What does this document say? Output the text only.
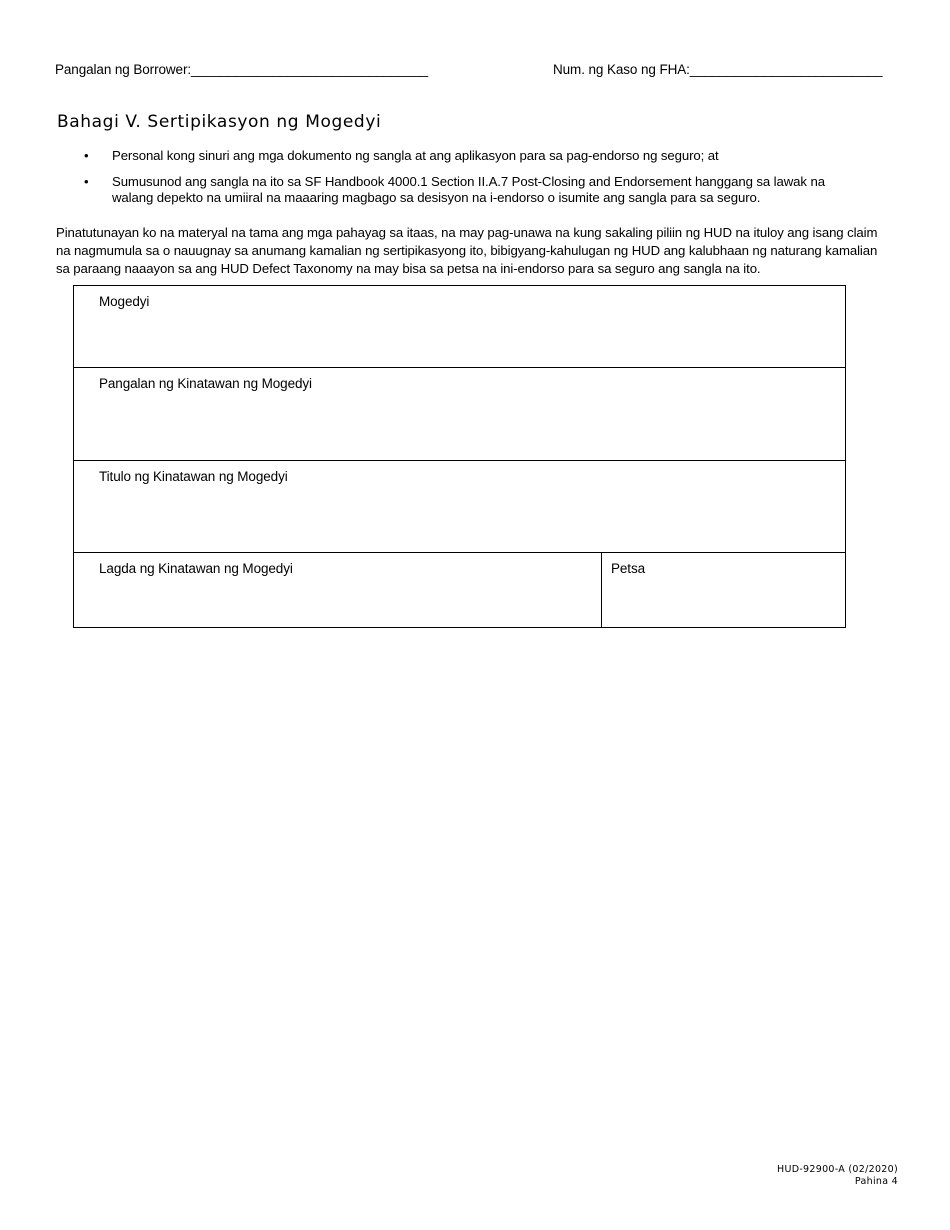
Pangalan ng Borrower:________________________________	Num. ng Kaso ng FHA:__________________________
Bahagi V. Sertipikasyon ng Mogedyi
• Personal kong sinuri ang mga dokumento ng sangla at ang aplikasyon para sa pag-endorso ng seguro; at
• Sumusunod ang sangla na ito sa SF Handbook 4000.1 Section II.A.7 Post-Closing and Endorsement hanggang sa lawak na walang depekto na umiiral na maaaring magbago sa desisyon na i-endorso o isumite ang sangla para sa seguro.
Pinatutunayan ko na materyal na tama ang mga pahayag sa itaas, na may pag-unawa na kung sakaling piliin ng HUD na ituloy ang isang claim na nagmumula sa o nauugnay sa anumang kamalian ng sertipikasyong ito, bibigyang-kahulugan ng HUD ang kalubhaan ng naturang kamalian sa paraang naaayon sa ang HUD Defect Taxonomy na may bisa sa petsa na ini-endorso para sa seguro ang sangla na ito.
Mogedyi
Pangalan ng Kinatawan ng Mogedyi
Titulo ng Kinatawan ng Mogedyi
Lagda ng Kinatawan ng Mogedyi	Petsa
HUD-92900-A (02/2020)
Pahina 4
